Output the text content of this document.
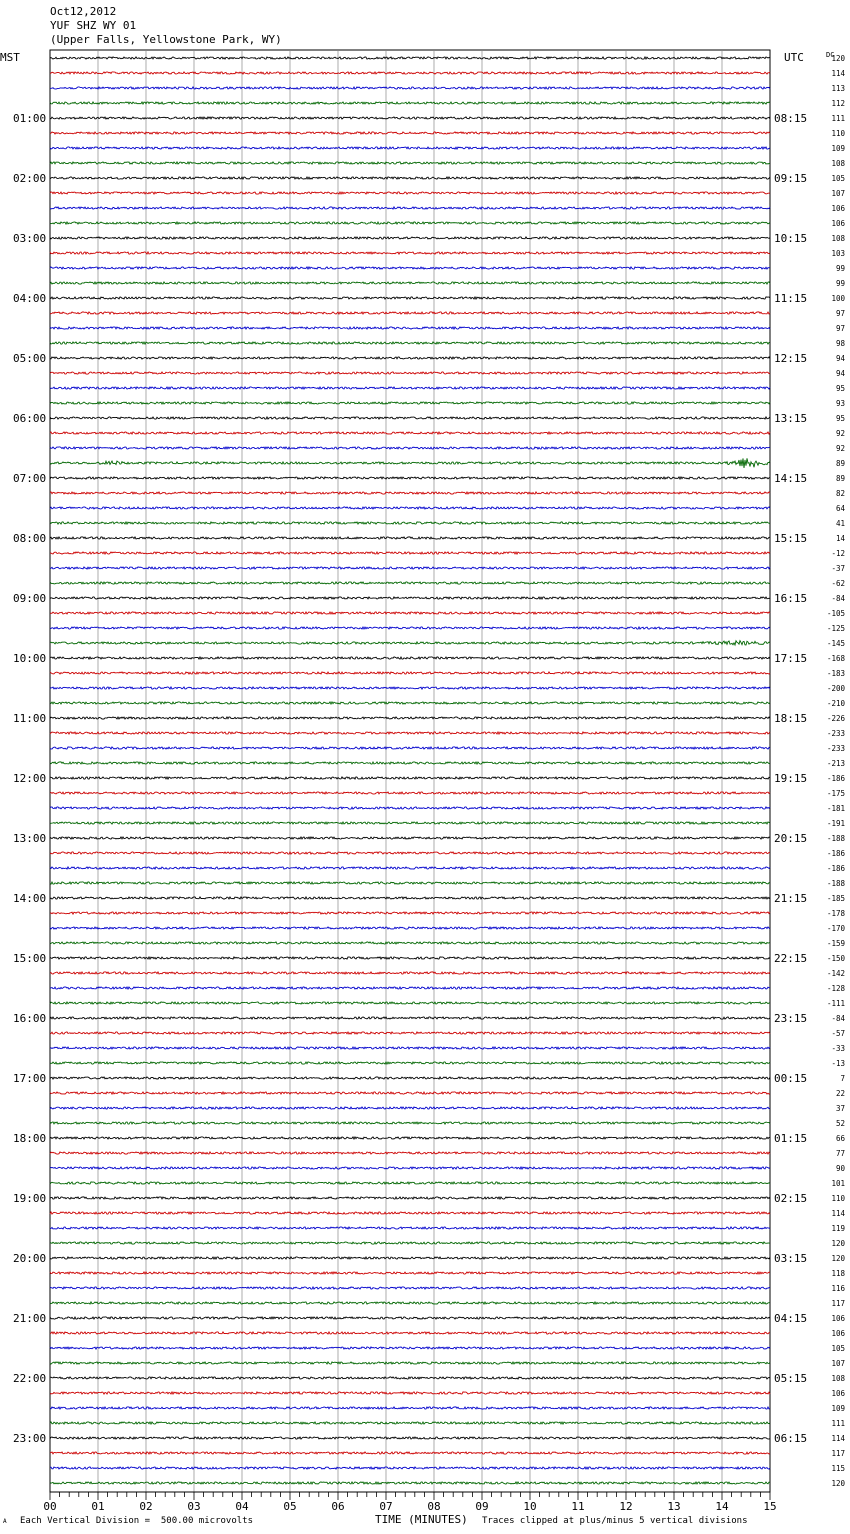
120
114
113
112
111
110
109
108
105
107
106
106
108
103
99
99
100
97
97
98
94
94
95
93
95
92
92
89
89
82
64
41
14
-12
-37
-62
-84
-105
-125
-145
-168
-183
-200
-210
-226
-233
-233
-213
-186
-175
-181
-191
-188
-186
-186
-188
-185
-178
-170
-159
-150
-142
-128
-111
-84
-57
-33
-13
7
22
37
52
66
77
90
101
110
114
119
120
120
118
116
117
106
106
105
107
108
106
109
111
114
117
115
120
MST	UTC	DC
01:00
02:00
03:00
04:00
05:00
06:00
07:00
08:00
09:00
10:00
11:00
12:00
13:00
14:00
15:00
16:00
17:00
18:00
19:00
20:00
21:00
22:00
23:00
08:15
09:15
10:15
11:15
12:15
13:15
14:15
15:15
16:15
17:15
18:15
19:15
20:15
21:15
22:15
23:15
00:15
01:15
02:15
03:15
04:15
05:15
06:15
00	01	02	03	04	05	06	07	08	09	10	11	12	13	14	15
Oct12,2012
YUF SHZ WY 01
(Upper Falls, Yellowstone Park, WY)
A Each Vertical Division =  500.00 microvolts	TIME (MINUTES) Traces clipped at plus/minus 5 vertical divisions
